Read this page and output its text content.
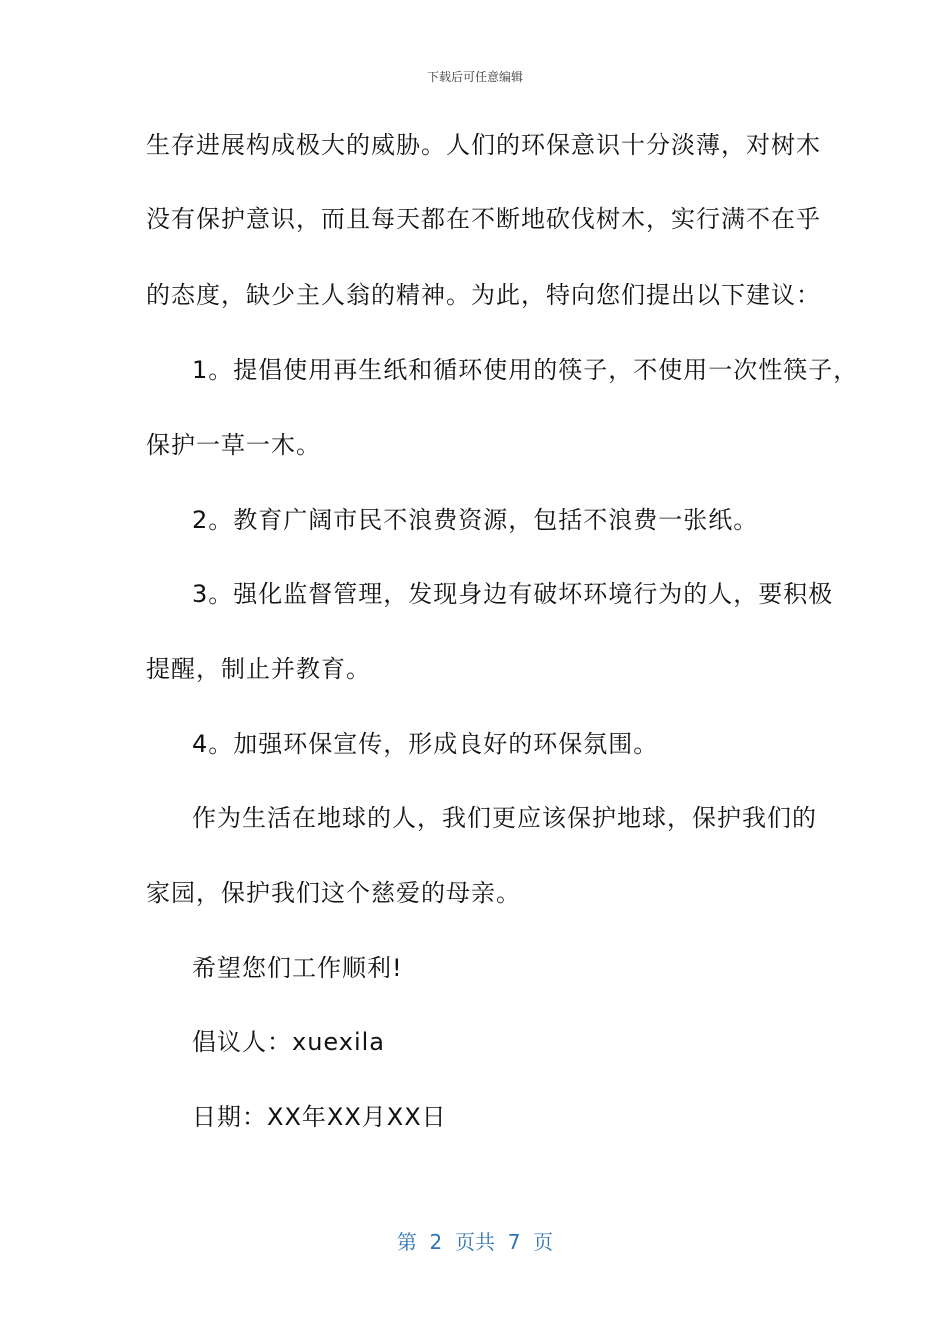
下载后可任意编辑
生存进展构成极大的威胁。人们的环保意识十分淡薄，对树木
没有保护意识，而且每天都在不断地砍伐树木，实行满不在乎
的态度，缺少主人翁的精神。为此，特向您们提出以下建议：
1。提倡使用再生纸和循环使用的筷子，不使用一次性筷子，
保护一草一木。
2。教育广阔市民不浪费资源，包括不浪费一张纸。
3。强化监督管理，发现身边有破坏环境行为的人，要积极
提醒，制止并教育。
4。加强环保宣传，形成良好的环保氛围。
作为生活在地球的人，我们更应该保护地球，保护我们的
家园，保护我们这个慈爱的母亲。
希望您们工作顺利!
倡议人：xuexila
日期：XX年XX月XX日
第  2  页共  7  页
